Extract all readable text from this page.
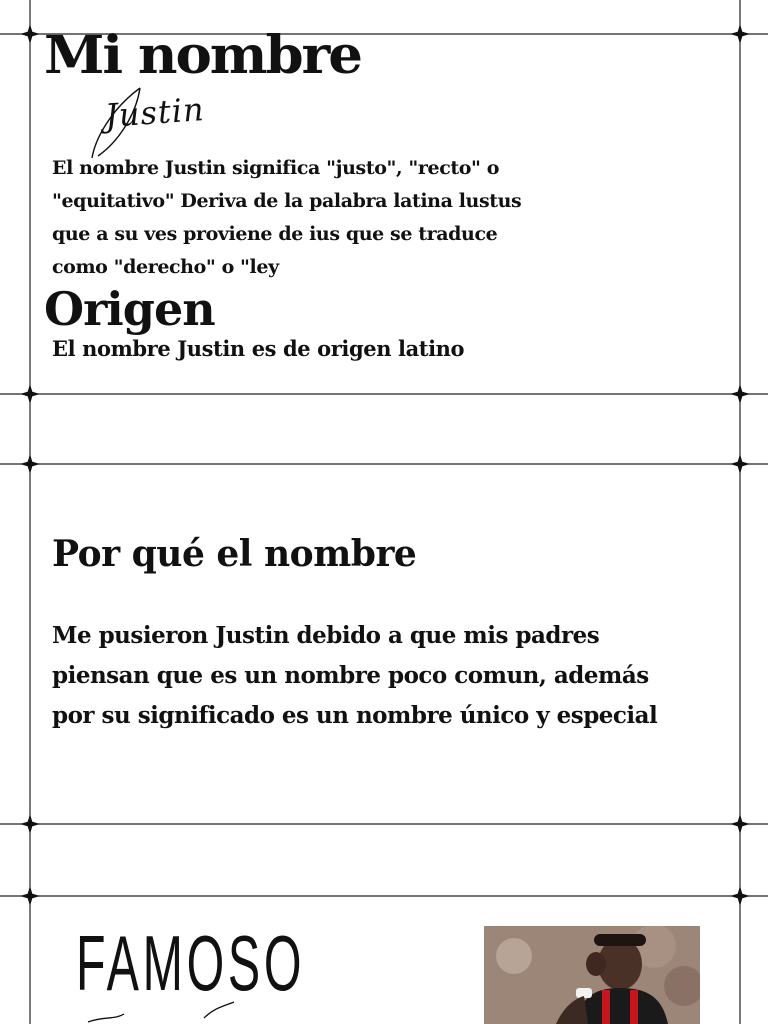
Mi nombre
Justin
El nombre Justin significa "justo", "recto" o
"equitativo" Deriva de la palabra latina lustus
que a su ves proviene de ius que se traduce
como "derecho" o "ley
Origen
El nombre Justin es de origen latino
Por qué el nombre
Me pusieron Justin debido a que mis padres piensan que es un nombre poco comun, además por su significado es un nombre único y especial
FAMOSO
